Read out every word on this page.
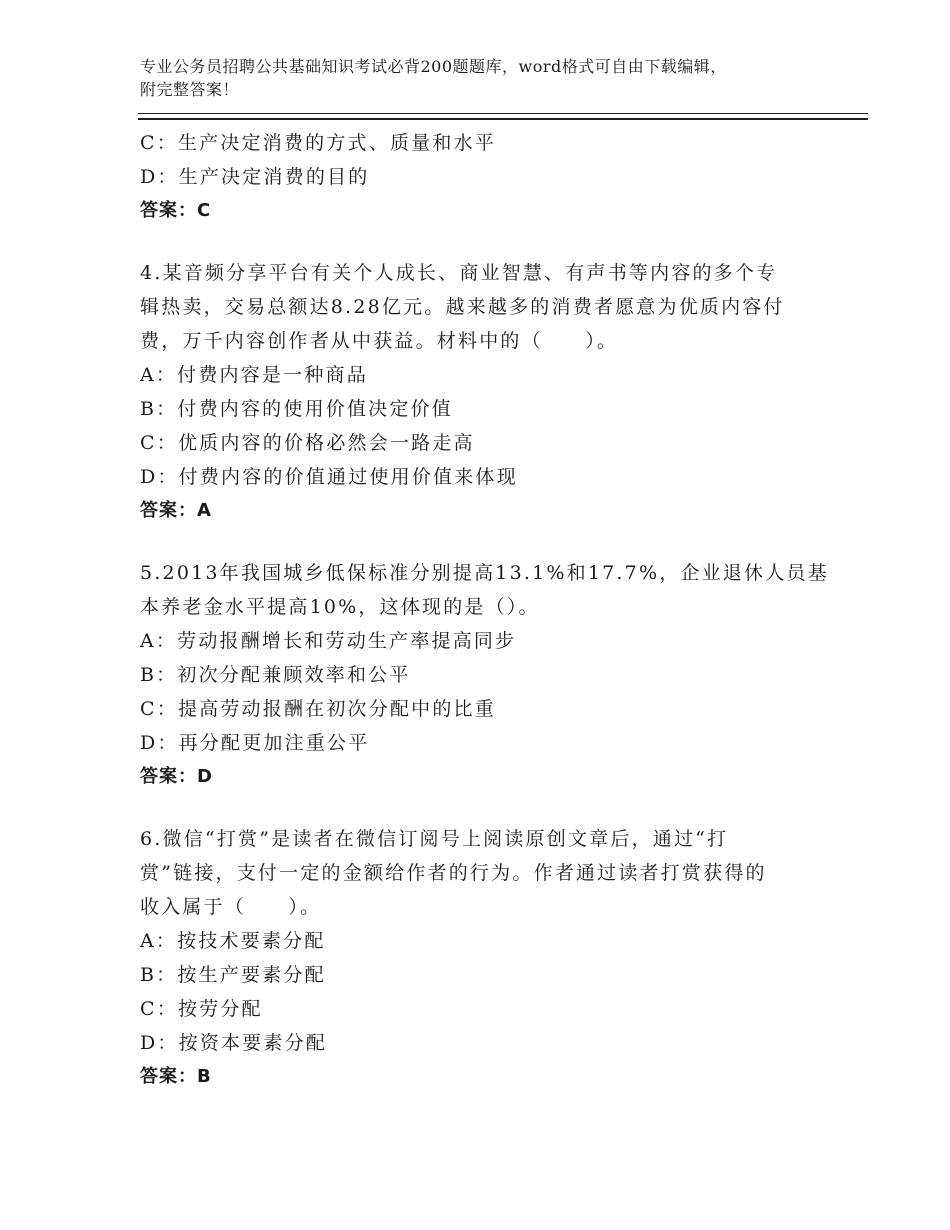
专业公务员招聘公共基础知识考试必背200题题库，word格式可自由下载编辑，
附完整答案！
C：生产决定消费的方式、质量和水平
D：生产决定消费的目的
答案：C
4.某音频分享平台有关个人成长、商业智慧、有声书等内容的多个专
辑热卖，交易总额达8.28亿元。越来越多的消费者愿意为优质内容付
费，万千内容创作者从中获益。材料中的（　　）。
A：付费内容是一种商品
B：付费内容的使用价值决定价值
C：优质内容的价格必然会一路走高
D：付费内容的价值通过使用价值来体现
答案：A
5.2013年我国城乡低保标准分别提高13.1%和17.7%，企业退休人员基
本养老金水平提高10%，这体现的是（）。
A：劳动报酬增长和劳动生产率提高同步
B：初次分配兼顾效率和公平
C：提高劳动报酬在初次分配中的比重
D：再分配更加注重公平
答案：D
6.微信“打赏”是读者在微信订阅号上阅读原创文章后，通过“打
赏”链接，支付一定的金额给作者的行为。作者通过读者打赏获得的
收入属于（　　）。
A：按技术要素分配
B：按生产要素分配
C：按劳分配
D：按资本要素分配
答案：B
